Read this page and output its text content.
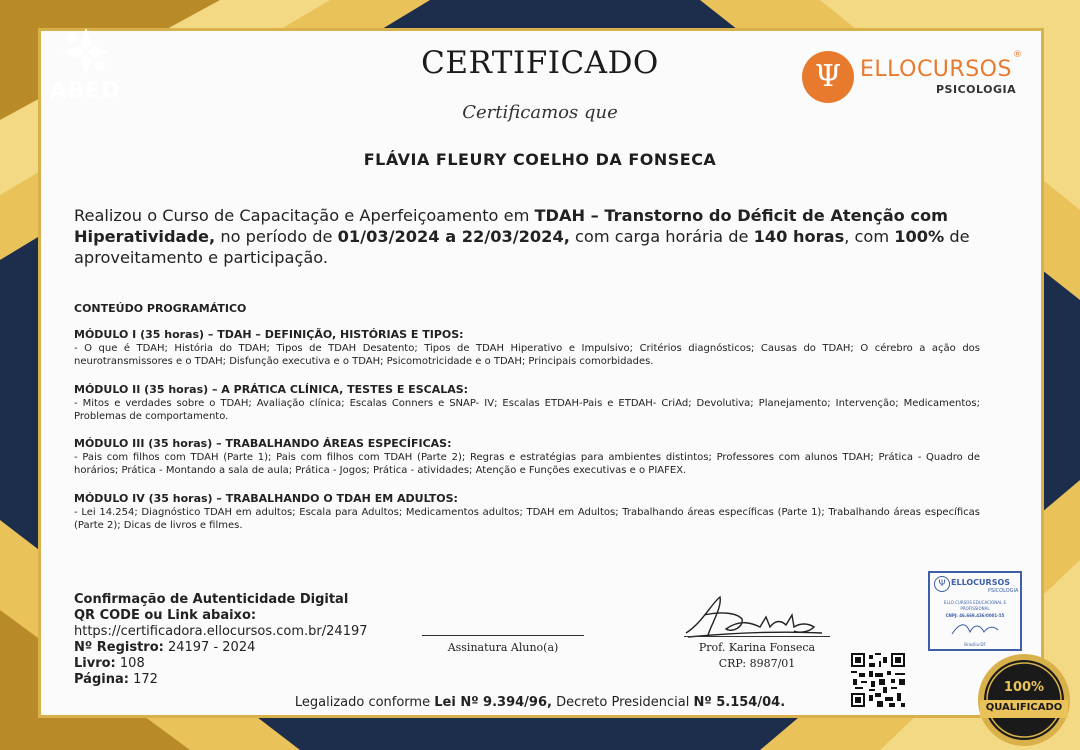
ABED	Ψ ELLOCURSOS
PSICOLOGIA
®
CERTIFICADO
Certificamos que
FLÁVIA FLEURY COELHO DA FONSECA
Realizou o Curso de Capacitação e Aperfeiçoamento em TDAH – Transtorno do Déficit de Atenção com Hiperatividade, no período de 01/03/2024 a 22/03/2024, com carga horária de 140 horas, com 100% de aproveitamento e participação.
CONTEÚDO PROGRAMÁTICO
MÓDULO I (35 horas) – TDAH – DEFINIÇÃO, HISTÓRIAS E TIPOS:
- O que é TDAH; História do TDAH; Tipos de TDAH Desatento; Tipos de TDAH Hiperativo e Impulsivo; Critérios diagnósticos; Causas do TDAH; O cérebro a ação dos neurotransmissores e o TDAH; Disfunção executiva e o TDAH; Psicomotricidade e o TDAH; Principais comorbidades.
MÓDULO II (35 horas) – A PRÁTICA CLÍNICA, TESTES E ESCALAS:
- Mitos e verdades sobre o TDAH; Avaliação clínica; Escalas Conners e SNAP- IV; Escalas ETDAH-Pais e ETDAH- CriAd; Devolutiva; Planejamento; Intervenção; Medicamentos; Problemas de comportamento.
MÓDULO III (35 horas) – TRABALHANDO ÁREAS ESPECÍFICAS:
- Pais com filhos com TDAH (Parte 1); Pais com filhos com TDAH (Parte 2); Regras e estratégias para ambientes distintos; Professores com alunos TDAH; Prática - Quadro de horários; Prática - Montando a sala de aula; Prática - Jogos; Prática - atividades; Atenção e Funções executivas e o PIAFEX.
MÓDULO IV (35 horas) – TRABALHANDO O TDAH EM ADULTOS:
- Lei 14.254; Diagnóstico TDAH em adultos; Escala para Adultos; Medicamentos adultos; TDAH em Adultos; Trabalhando áreas específicas (Parte 1); Trabalhando áreas específicas (Parte 2); Dicas de livros e filmes.
Confirmação de Autenticidade Digital
QR CODE ou Link abaixo:
https://certificadora.ellocursos.com.br/24197
Nº Registro: 24197 - 2024
Livro: 108
Página: 172
Assinatura Aluno(a)	Prof. Karina Fonseca
CRP: 8987/01
Ψ ELLOCURSOS
PSICOLOGIA
ELLO CURSOS EDUCACIONAL E
PROFISSIONAL
CNPJ: 46.669.436/0001-55
Brasília-DF
Legalizado conforme Lei Nº 9.394/96, Decreto Presidencial Nº 5.154/04.
100%
QUALIFICADO
